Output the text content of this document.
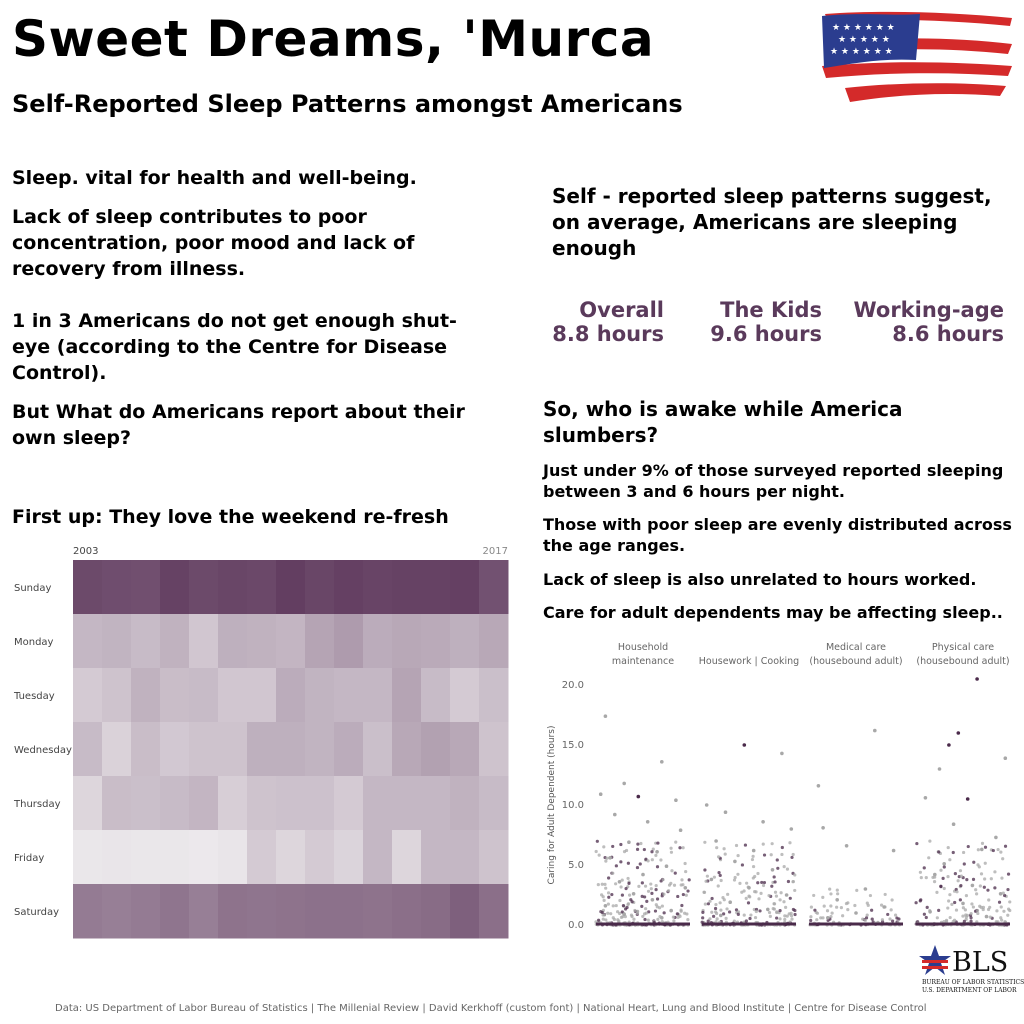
Sweet Dreams, 'Murca
Self-Reported Sleep Patterns amongst Americans
★ ★ ★ ★ ★ ★
★ ★ ★ ★ ★
★ ★ ★ ★ ★ ★
Sleep. vital for health and well-being.
Lack of sleep contributes to poor concentration, poor mood and lack of recovery from illness.
1 in 3 Americans do not get enough shut-eye (according to the Centre for Disease Control).
But What do Americans report about their own sleep?
First up: They love the weekend re-fresh
Self - reported sleep patterns suggest, on average, Americans are sleeping enough
Overall
8.8 hours
The Kids
9.6 hours
Working-age
8.6 hours
So, who is awake while America slumbers?
Just under 9% of those surveyed reported sleeping between 3 and 6 hours per night.
Those with poor sleep are evenly distributed across the age ranges.
Lack of sleep is also unrelated to hours worked.
Care for adult dependents may be affecting sleep..
2003	2017
Sunday
Monday
Tuesday
Wednesday
Thursday
Friday
Saturday
Caring for Adult Dependent (hours)
0.0
5.0
10.0
15.0
20.0
Household
maintenance	Housework | Cooking
Medical care
(housebound adult)
Physical care
(housebound adult)
BLS
BUREAU OF LABOR STATISTICS
U.S. DEPARTMENT OF LABOR
Data: US Department of Labor Bureau of Statistics | The Millenial Review | David Kerkhoff (custom font) | National Heart, Lung and Blood Institute | Centre for Disease Control
